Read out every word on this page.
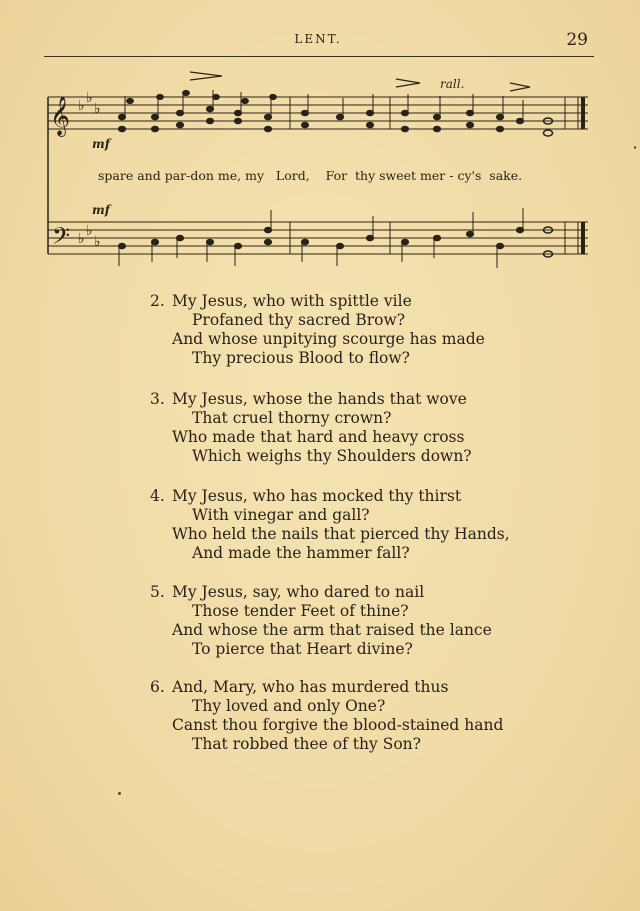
LENT.	29
𝄞
𝄢
♭ ♭
♭
♭ ♭
♭
mf
mf
rall.
spare and par-don me, my   Lord,    For  thy sweet mer - cy's  sake.
2. My Jesus, who with spittle vile
Profaned thy sacred Brow?
And whose unpitying scourge has made
Thy precious Blood to flow?
3. My Jesus, whose the hands that wove
That cruel thorny crown?
Who made that hard and heavy cross
Which weighs thy Shoulders down?
4. My Jesus, who has mocked thy thirst
With vinegar and gall?
Who held the nails that pierced thy Hands,
And made the hammer fall?
5. My Jesus, say, who dared to nail
Those tender Feet of thine?
And whose the arm that raised the lance
To pierce that Heart divine?
6. And, Mary, who has murdered thus
Thy loved and only One?
Canst thou forgive the blood-stained hand
That robbed thee of thy Son?
